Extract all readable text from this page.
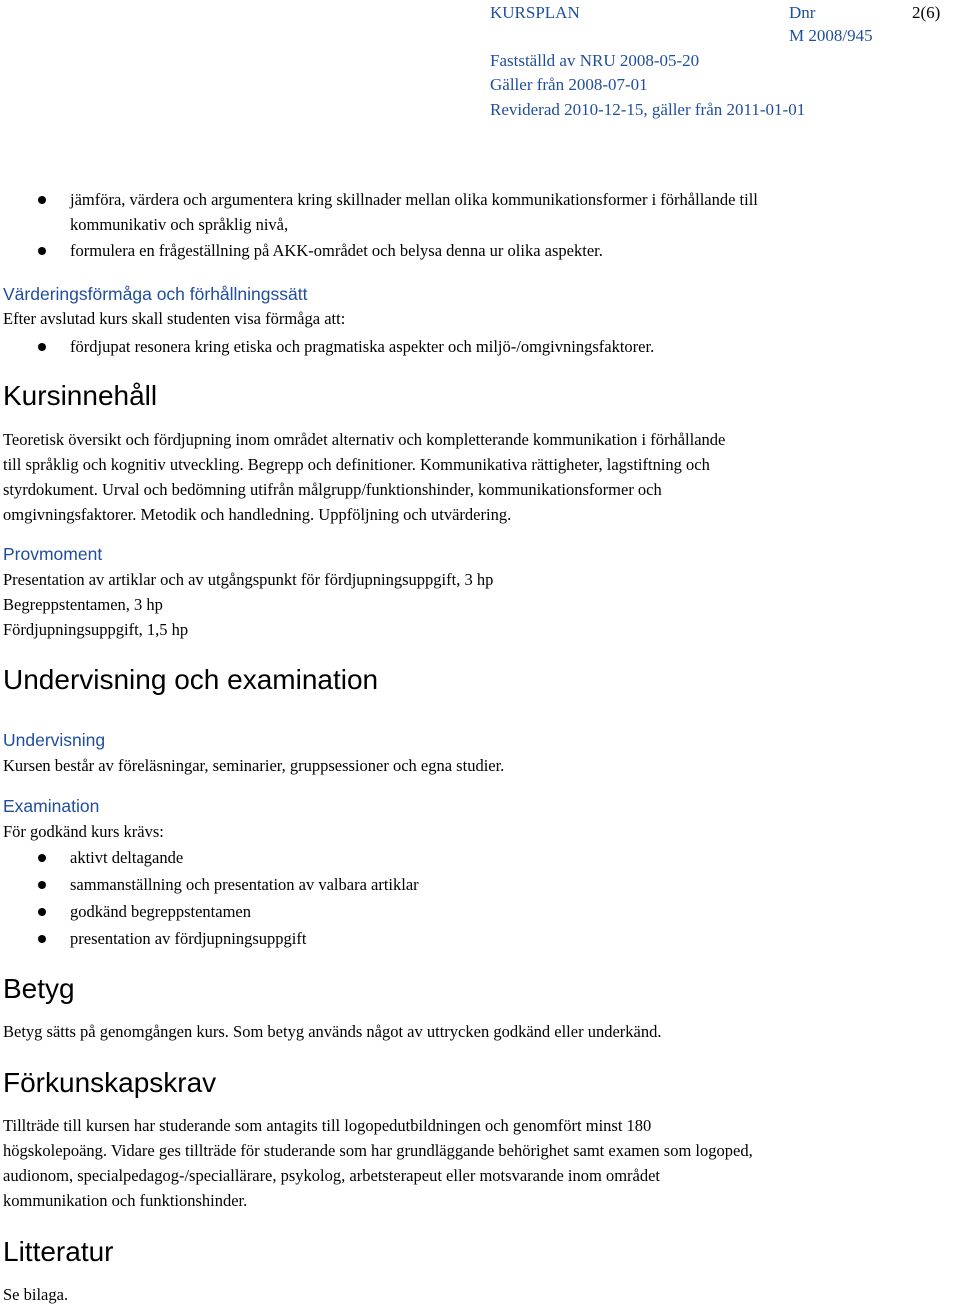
KURSPLAN	Dnr
M 2008/945
2(6)
Fastställd av NRU 2008-05-20
Gäller från 2008-07-01
Reviderad 2010-12-15, gäller från 2011-01-01
jämföra, värdera och argumentera kring skillnader mellan olika kommunikationsformer i förhållande till
kommunikativ och språklig nivå,
formulera en frågeställning på AKK-området och belysa denna ur olika aspekter.
Värderingsförmåga och förhållningssätt
Efter avslutad kurs skall studenten visa förmåga att:
fördjupat resonera kring etiska och pragmatiska aspekter och miljö-/omgivningsfaktorer.
Kursinnehåll
Teoretisk översikt och fördjupning inom området alternativ och kompletterande kommunikation i förhållande
till språklig och kognitiv utveckling. Begrepp och definitioner. Kommunikativa rättigheter, lagstiftning och
styrdokument. Urval och bedömning utifrån målgrupp/funktionshinder, kommunikationsformer och
omgivningsfaktorer. Metodik och handledning. Uppföljning och utvärdering.
Provmoment
Presentation av artiklar och av utgångspunkt för fördjupningsuppgift, 3 hp
Begreppstentamen, 3 hp
Fördjupningsuppgift, 1,5 hp
Undervisning och examination
Undervisning
Kursen består av föreläsningar, seminarier, gruppsessioner och egna studier.
Examination
För godkänd kurs krävs:
aktivt deltagande
sammanställning och presentation av valbara artiklar
godkänd begreppstentamen
presentation av fördjupningsuppgift
Betyg
Betyg sätts på genomgången kurs. Som betyg används något av uttrycken godkänd eller underkänd.
Förkunskapskrav
Tillträde till kursen har studerande som antagits till logopedutbildningen och genomfört minst 180
högskolepoäng. Vidare ges tillträde för studerande som har grundläggande behörighet samt examen som logoped,
audionom, specialpedagog-/speciallärare, psykolog, arbetsterapeut eller motsvarande inom området
kommunikation och funktionshinder.
Litteratur
Se bilaga.
